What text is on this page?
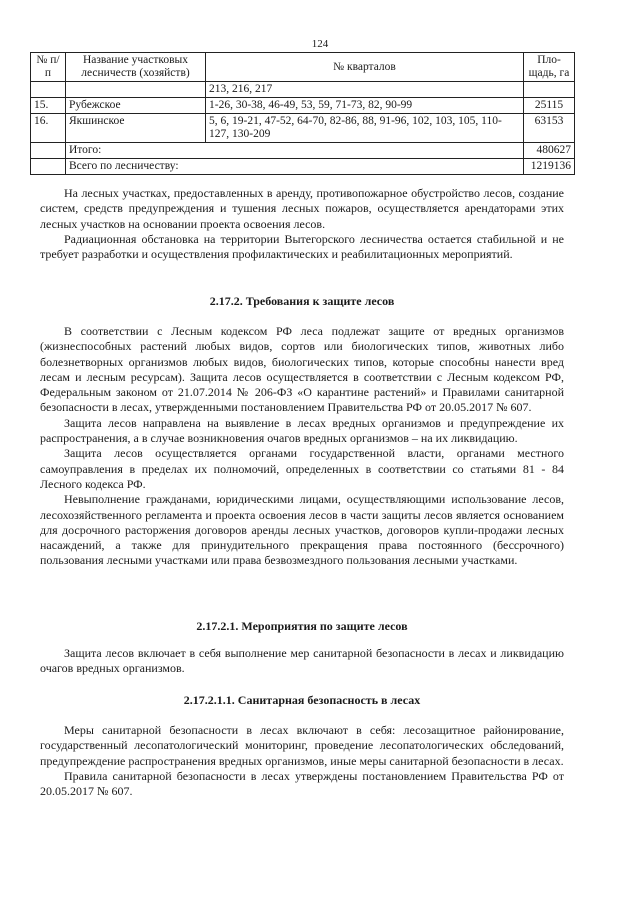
124
№ п/п	Название участковых лесничеств (хозяйств)	№ кварталов	Пло-щадь, га
		213, 216, 217	
15.	Рубежское	1-26, 30-38, 46-49, 53, 59, 71-73, 82, 90-99	25115
16.	Якшинское	5, 6, 19-21, 47-52, 64-70, 82-86, 88, 91-96, 102, 103, 105, 110-127, 130-209	63153
	Итого:		480627
	Всего по лесничеству:		1219136

На лесных участках, предоставленных в аренду, противопожарное обустройство лесов, создание систем, средств предупреждения и тушения лесных пожаров, осуществляется арендаторами этих лесных участков на основании проекта освоения лесов.

Радиационная обстановка на территории Вытегорского лесничества остается стабильной и не требует разработки и осуществления профилактических и реабилитационных мероприятий.

2.17.2. Требования к защите лесов

В соответствии с Лесным кодексом РФ леса подлежат защите от вредных организмов (жизнеспособных растений любых видов, сортов или биологических типов, животных либо болезнетворных организмов любых видов, биологических типов, которые способны нанести вред лесам и лесным ресурсам). Защита лесов осуществляется в соответствии с Лесным кодексом РФ, Федеральным законом от 21.07.2014 № 206-ФЗ «О карантине растений» и Правилами санитарной безопасности в лесах, утвержденными постановлением Правительства РФ от 20.05.2017 № 607.

Защита лесов направлена на выявление в лесах вредных организмов и предупреждение их распространения, а в случае возникновения очагов вредных организмов – на их ликвидацию.

Защита лесов осуществляется органами государственной власти, органами местного самоуправления в пределах их полномочий, определенных в соответствии со статьями 81 - 84 Лесного кодекса РФ.

Невыполнение гражданами, юридическими лицами, осуществляющими использование лесов, лесохозяйственного регламента и проекта освоения лесов в части защиты лесов является основанием для досрочного расторжения договоров аренды лесных участков, договоров купли-продажи лесных насаждений, а также для принудительного прекращения права постоянного (бессрочного) пользования лесными участками или права безвозмездного пользования лесными участками.

2.17.2.1. Мероприятия по защите лесов

Защита лесов включает в себя выполнение мер санитарной безопасности в лесах и ликвидацию очагов вредных организмов.

2.17.2.1.1. Санитарная безопасность в лесах

Меры санитарной безопасности в лесах включают в себя: лесозащитное районирование, государственный лесопатологический мониторинг, проведение лесопатологических обследований, предупреждение распространения вредных организмов, иные меры санитарной безопасности в лесах.

Правила санитарной безопасности в лесах утверждены постановлением Правительства РФ от 20.05.2017 № 607.
